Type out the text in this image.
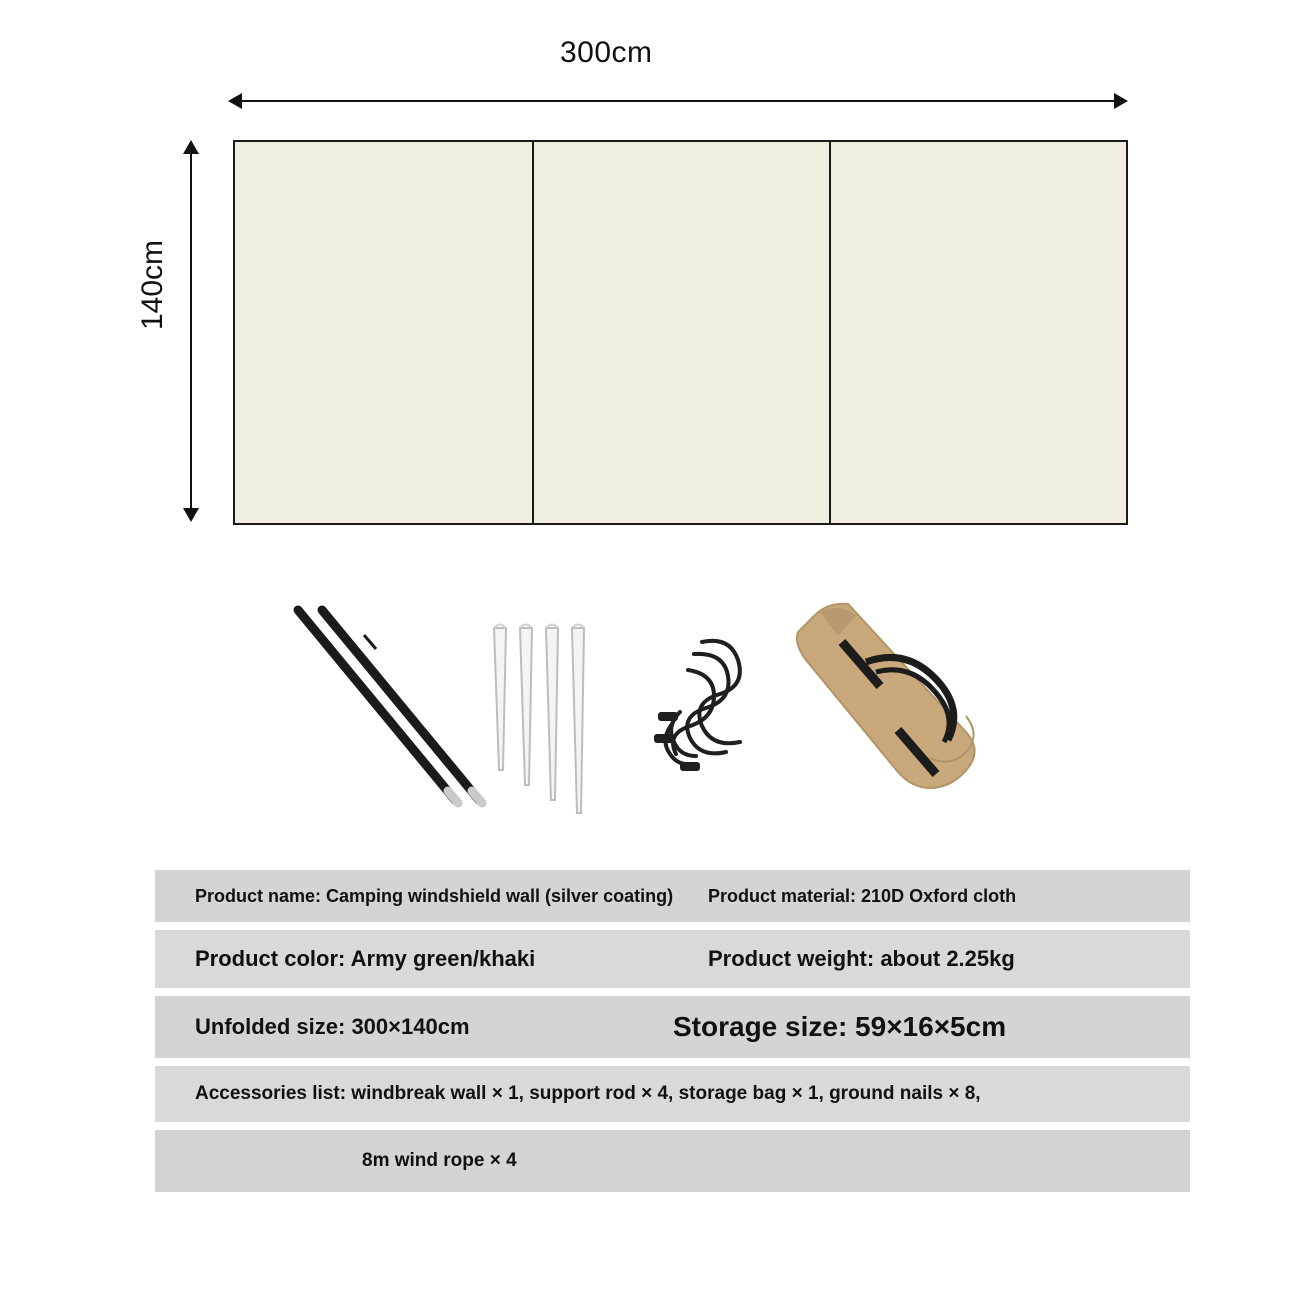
300cm
140cm
Product name: Camping windshield wall (silver coating)	Product material: 210D Oxford cloth
Product color: Army green/khaki	Product weight: about 2.25kg
Unfolded size: 300×140cm	Storage size: 59×16×5cm
Accessories list: windbreak wall × 1, support rod × 4, storage bag × 1, ground nails × 8,
8m wind rope × 4
